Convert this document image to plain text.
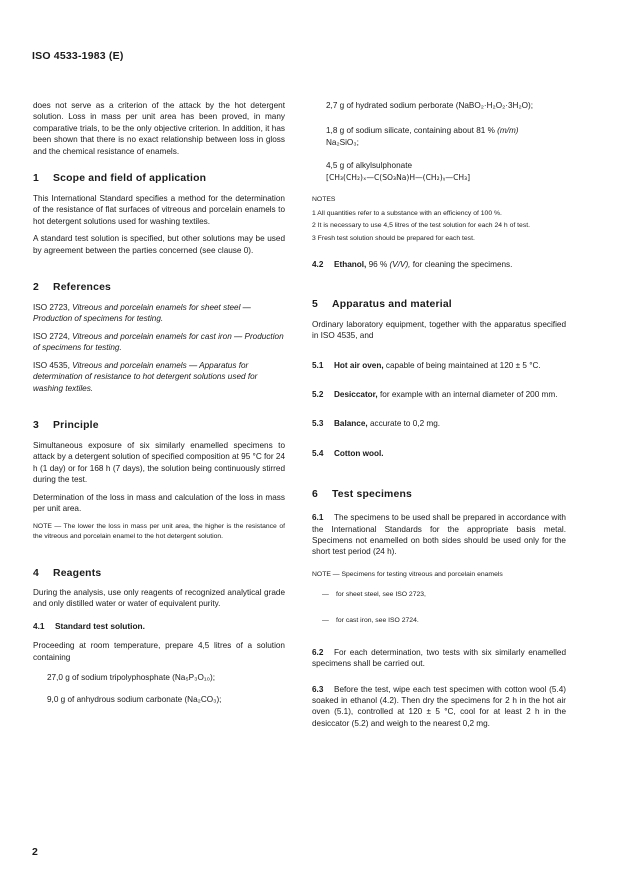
ISO 4533-1983 (E)

does not serve as a criterion of the attack by the hot detergent solution. Loss in mass per unit area has been proved, in many comparative trials, to be the only objective criterion. In addition, it has been shown that there is no exact relationship between loss in gloss and the chemical resistance of enamels.

1 Scope and field of application

This International Standard specifies a method for the determination of the resistance of flat surfaces of vitreous and porcelain enamels to hot detergent solutions used for washing textiles.

A standard test solution is specified, but other solutions may be used by agreement between the parties concerned (see clause 0).

2 References

ISO 2723, Vitreous and porcelain enamels for sheet steel — Production of specimens for testing.

ISO 2724, Vitreous and porcelain enamels for cast iron — Production of specimens for testing.

ISO 4535, Vitreous and porcelain enamels — Apparatus for determination of resistance to hot detergent solutions used for washing textiles.

3 Principle

Simultaneous exposure of six similarly enamelled specimens to attack by a detergent solution of specified composition at 95 °C for 24 h (1 day) or for 168 h (7 days), the solution being continuously stirred during the test.

Determination of the loss in mass and calculation of the loss in mass per unit area.

NOTE — The lower the loss in mass per unit area, the higher is the resistance of the vitreous and porcelain enamel to the hot detergent solution.

4 Reagents

During the analysis, use only reagents of recognized analytical grade and only distilled water or water of equivalent purity.

4.1 Standard test solution.

Proceeding at room temperature, prepare 4,5 litres of a solution containing

27,0 g of sodium tripolyphosphate (Na₅P₃O₁₀);

9,0 g of anhydrous sodium carbonate (Na₂CO₃);

2,7 g of hydrated sodium perborate (NaBO₂·H₂O₂·3H₂O);

1,8 g of sodium silicate, containing about 81 % (m/m)
Na₂SiO₃;

4,5 g of alkylsulphonate
[CH₃(CH₂)ₓ—C(SO₃Na)H—(CH₂)ᵧ—CH₃]

NOTES

1 All quantities refer to a substance with an efficiency of 100 %.

2 It is necessary to use 4,5 litres of the test solution for each 24 h of test.

3 Fresh test solution should be prepared for each test.

4.2 Ethanol, 96 % (V/V), for cleaning the specimens.

5 Apparatus and material

Ordinary laboratory equipment, together with the apparatus specified in ISO 4535, and

5.1 Hot air oven, capable of being maintained at 120 ± 5 °C.

5.2 Desiccator, for example with an internal diameter of 200 mm.

5.3 Balance, accurate to 0,2 mg.

5.4 Cotton wool.

6 Test specimens

6.1 The specimens to be used shall be prepared in accordance with the International Standards for the appropriate basis metal. Specimens not enamelled on both sides should be used only for the short test period (24 h).

NOTE — Specimens for testing vitreous and porcelain enamels

— for sheet steel, see ISO 2723,

— for cast iron, see ISO 2724.

6.2 For each determination, two tests with six similarly enamelled specimens shall be carried out.

6.3 Before the test, wipe each test specimen with cotton wool (5.4) soaked in ethanol (4.2). Then dry the specimens for 2 h in the hot air oven (5.1), controlled at 120 ± 5 °C, cool for at least 2 h in the desiccator (5.2) and weigh to the nearest 0,2 mg.

2
